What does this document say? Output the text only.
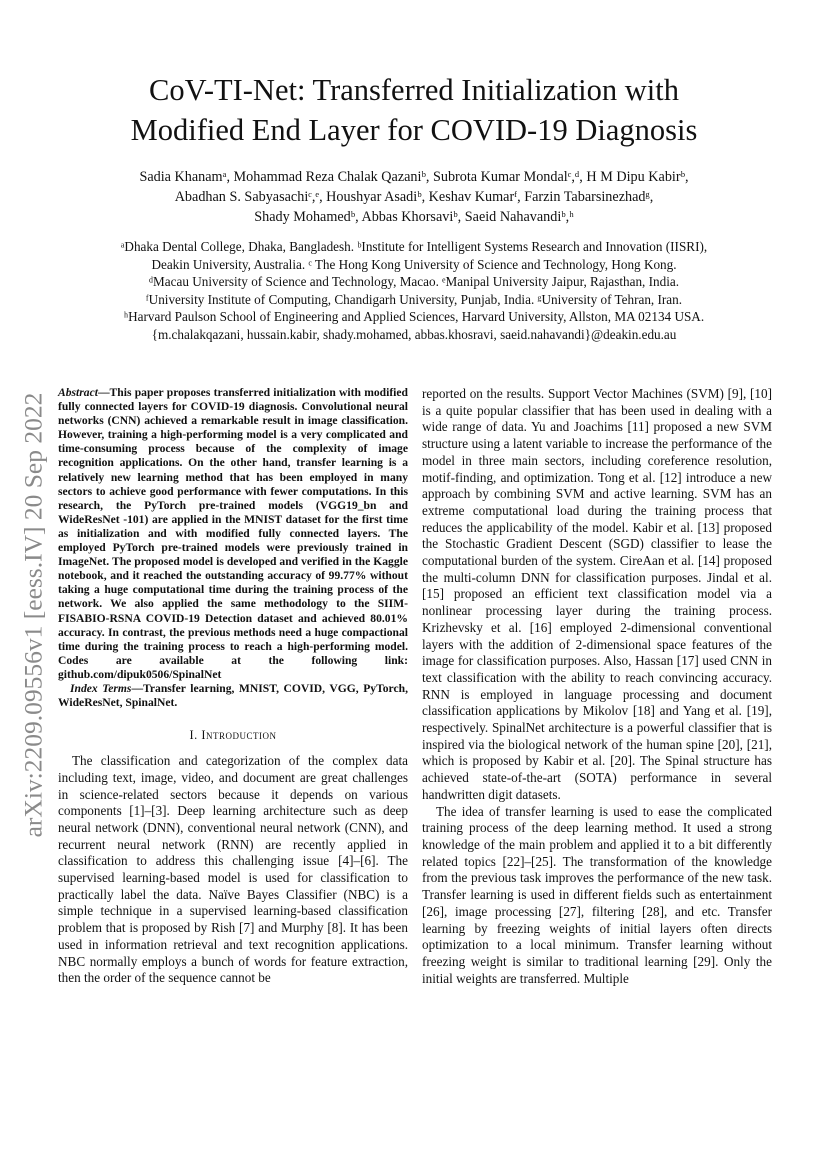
arXiv:2209.09556v1 [eess.IV] 20 Sep 2022
CoV-TI-Net: Transferred Initialization with
Modified End Layer for COVID-19 Diagnosis
Sadia Khanamᵃ, Mohammad Reza Chalak Qazaniᵇ, Subrota Kumar Mondalᶜ,ᵈ, H M Dipu Kabirᵇ,
Abadhan S. Sabyasachiᶜ,ᵉ, Houshyar Asadiᵇ, Keshav Kumarᶠ, Farzin Tabarsinezhadᵍ,
Shady Mohamedᵇ, Abbas Khorsaviᵇ, Saeid Nahavandiᵇ,ʰ
ᵃDhaka Dental College, Dhaka, Bangladesh. ᵇInstitute for Intelligent Systems Research and Innovation (IISRI),
Deakin University, Australia. ᶜ The Hong Kong University of Science and Technology, Hong Kong.
ᵈMacau University of Science and Technology, Macao. ᵉManipal University Jaipur, Rajasthan, India.
ᶠUniversity Institute of Computing, Chandigarh University, Punjab, India. ᵍUniversity of Tehran, Iran.
ʰHarvard Paulson School of Engineering and Applied Sciences, Harvard University, Allston, MA 02134 USA.
{m.chalakqazani, hussain.kabir, shady.mohamed, abbas.khosravi, saeid.nahavandi}@deakin.edu.au

Abstract—This paper proposes transferred initialization with modified fully connected layers for COVID-19 diagnosis. Convolutional neural networks (CNN) achieved a remarkable result in image classification. However, training a high-performing model is a very complicated and time-consuming process because of the complexity of image recognition applications. On the other hand, transfer learning is a relatively new learning method that has been employed in many sectors to achieve good performance with fewer computations. In this research, the PyTorch pre-trained models (VGG19_bn and WideResNet -101) are applied in the MNIST dataset for the first time as initialization and with modified fully connected layers. The employed PyTorch pre-trained models were previously trained in ImageNet. The proposed model is developed and verified in the Kaggle notebook, and it reached the outstanding accuracy of 99.77% without taking a huge computational time during the training process of the network. We also applied the same methodology to the SIIM-FISABIO-RSNA COVID-19 Detection dataset and achieved 80.01% accuracy. In contrast, the previous methods need a huge compactional time during the training process to reach a high-performing model. Codes are available at the following link: github.com/dipuk0506/SpinalNet

Index Terms—Transfer learning, MNIST, COVID, VGG, PyTorch, WideResNet, SpinalNet.

I. Introduction

The classification and categorization of the complex data including text, image, video, and document are great challenges in science-related sectors because it depends on various components [1]–[3]. Deep learning architecture such as deep neural network (DNN), conventional neural network (CNN), and recurrent neural network (RNN) are recently applied in classification to address this challenging issue [4]–[6]. The supervised learning-based model is used for classification to practically label the data. Naïve Bayes Classifier (NBC) is a simple technique in a supervised learning-based classification problem that is proposed by Rish [7] and Murphy [8]. It has been used in information retrieval and text recognition applications. NBC normally employs a bunch of words for feature extraction, then the order of the sequence cannot be

reported on the results. Support Vector Machines (SVM) [9], [10] is a quite popular classifier that has been used in dealing with a wide range of data. Yu and Joachims [11] proposed a new SVM structure using a latent variable to increase the performance of the model in three main sectors, including coreference resolution, motif-finding, and optimization. Tong et al. [12] introduce a new approach by combining SVM and active learning. SVM has an extreme computational load during the training process that reduces the applicability of the model. Kabir et al. [13] proposed the Stochastic Gradient Descent (SGD) classifier to lease the computational burden of the system. CireAan et al. [14] proposed the multi-column DNN for classification purposes. Jindal et al. [15] proposed an efficient text classification model via a nonlinear processing layer during the training process. Krizhevsky et al. [16] employed 2-dimensional conventional layers with the addition of 2-dimensional space features of the image for classification purposes. Also, Hassan [17] used CNN in text classification with the ability to reach convincing accuracy. RNN is employed in language processing and document classification applications by Mikolov [18] and Yang et al. [19], respectively. SpinalNet architecture is a powerful classifier that is inspired via the biological network of the human spine [20], [21], which is proposed by Kabir et al. [20]. The Spinal structure has achieved state-of-the-art (SOTA) performance in several handwritten digit datasets.

The idea of transfer learning is used to ease the complicated training process of the deep learning method. It used a strong knowledge of the main problem and applied it to a bit differently related topics [22]–[25]. The transformation of the knowledge from the previous task improves the performance of the new task. Transfer learning is used in different fields such as entertainment [26], image processing [27], filtering [28], and etc. Transfer learning by freezing weights of initial layers often directs optimization to a local minimum. Transfer learning without freezing weight is similar to traditional learning [29]. Only the initial weights are transferred. Multiple
